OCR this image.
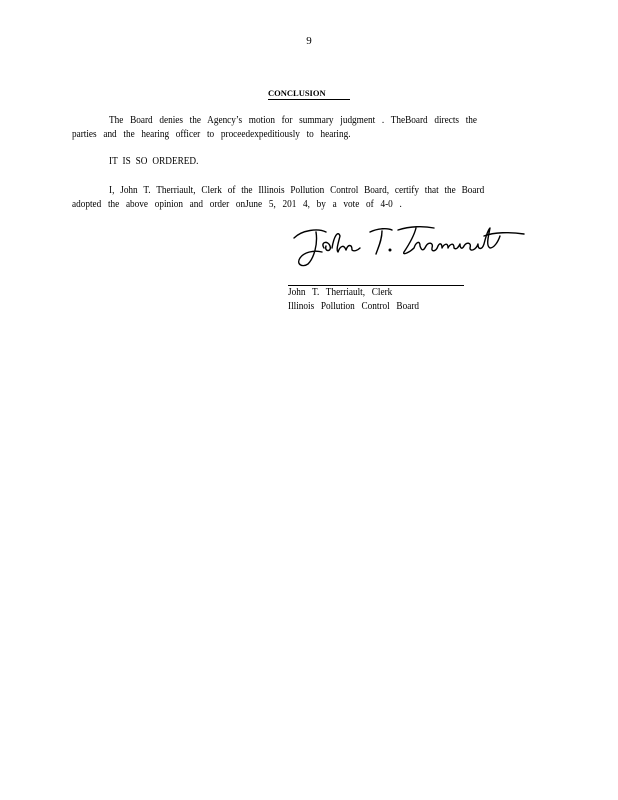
9
CONCLUSION
The Board denies the Agency’s motion for summary judgment . TheBoard directs the
parties and the hearing officer to proceedexpeditiously to hearing.
IT IS SO ORDERED.
I, John T. Therriault, Clerk of the Illinois Pollution Control Board, certify that the Board
adopted the above opinion and order onJune 5, 201 4, by a vote of 4-0 .
John T. Therriault, Clerk
Illinois Pollution Control Board
